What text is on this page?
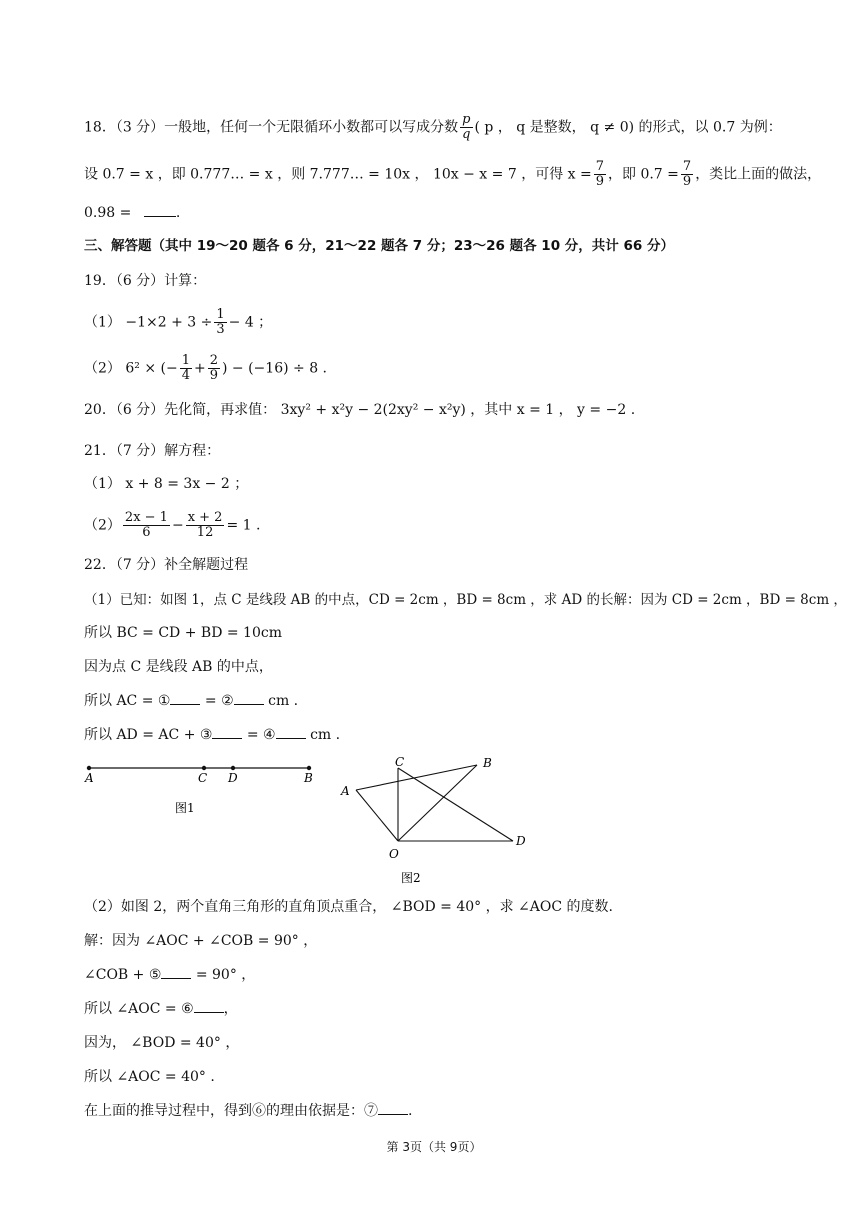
18．（3 分）一般地，任何一个无限循环小数都可以写成分数 $\frac{p}{q}$ ( p ， q 是整数， q ≠ 0) 的形式，以 0.7 为例：
设 0.7 = x ，即 0.777… = x ，则 7.777… = 10x ， 10x − x = 7 ，可得 $x = \frac{7}{9}$ ，即 $0.7 = \frac{7}{9}$ ，类比上面的做法，
0.98 =	.
三、解答题（其中 19～20 题各 6 分，21～22 题各 7 分；23～26 题各 10 分，共计 66 分）
19．（6 分）计算：
$(1) -1\times 2 + 3 \div \frac{1}{3} - 4$ ；
（2） 6² × (− $\frac{1}{4} + \frac{2}{9}$ ) − (−16) ÷ 8 .
20．（6 分）先化简，再求值： 3xy² + x²y − 2(2xy² − x²y) ，其中 x = 1 ， y = −2 .
21．（7 分）解方程：
（1） x + 8 = 3x − 2 ；
$(2) \frac{2x - 1}{6} - \frac{x + 2}{12} = 1$ .
22．（7 分）补全解题过程
（1）已知：如图 1，点 C 是线段 AB 的中点，CD = 2cm ，BD = 8cm ，求 AD 的长解：因为 CD = 2cm ，BD = 8cm ，
所以 BC = CD + BD = 10cm
因为点 C 是线段 AB 的中点，
所以 AC = ① = ② cm .
所以 AD = AC + ③ = ④ cm .
A	C D	B
图1
A
C	B
O
D
图2
（2）如图 2，两个直角三角形的直角顶点重合， ∠BOD = 40° ，求 ∠AOC 的度数.
解：因为 ∠AOC + ∠COB = 90° ，
∠COB + ⑤ = 90° ，
所以 ∠AOC = ⑥ ，
因为， ∠BOD = 40° ，
所以 ∠AOC = 40° .
在上面的推导过程中，得到⑥的理由依据是：⑦ .
第 3页（共 9页）
